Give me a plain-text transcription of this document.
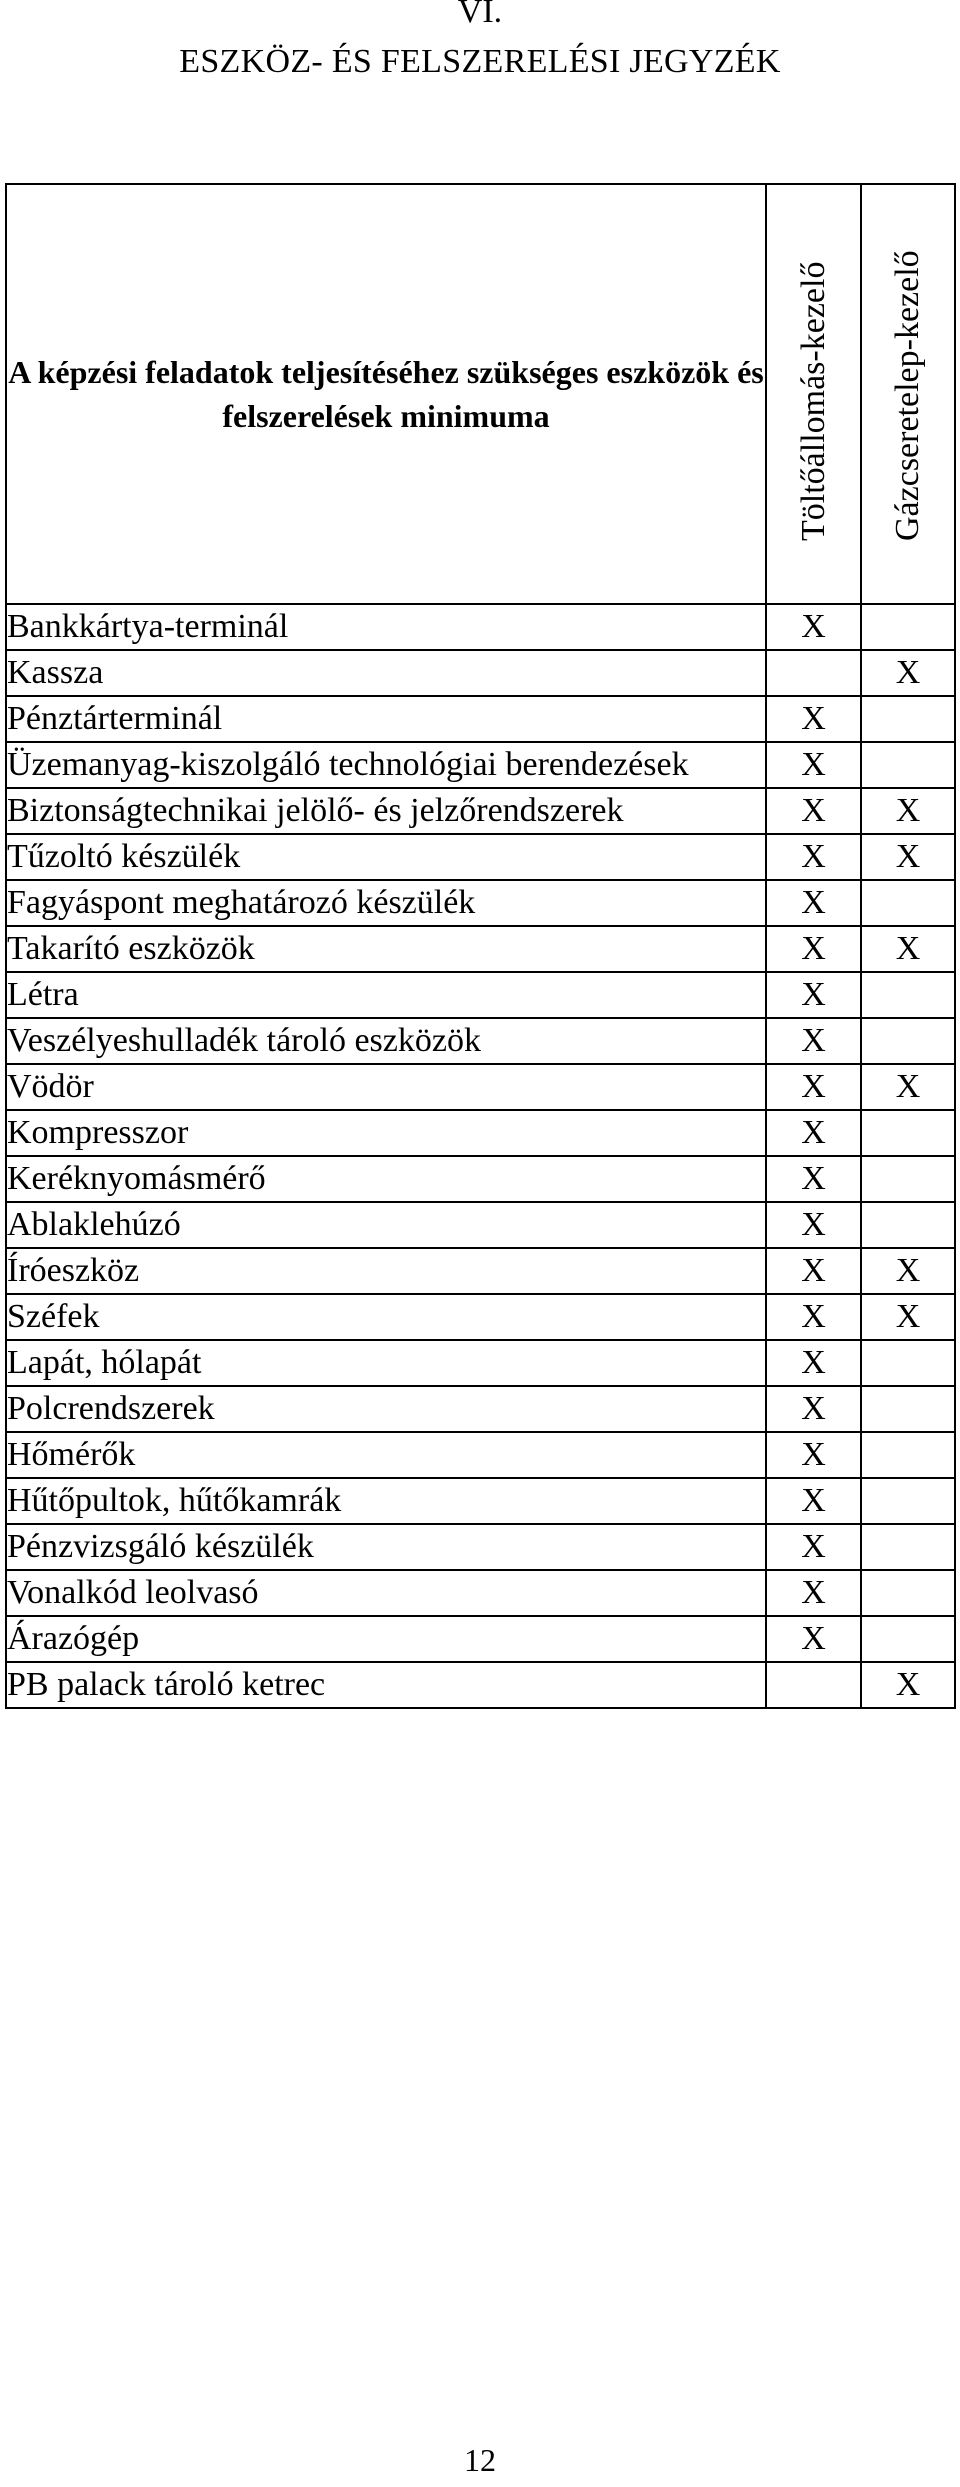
VI.
ESZKÖZ- ÉS FELSZERELÉSI JEGYZÉK
A képzési feladatok teljesítéséhez szükséges eszközök és felszerelések minimuma	Töltőállomás-kezelő	Gázcseretelep-kezelő

Bankkártya-terminál	X	
Kassza		X
Pénztárterminál	X	
Üzemanyag-kiszolgáló technológiai berendezések	X	
Biztonságtechnikai jelölő- és jelzőrendszerek	X	X
Tűzoltó készülék	X	X
Fagyáspont meghatározó készülék	X	
Takarító eszközök	X	X
Létra	X	
Veszélyeshulladék tároló eszközök	X	
Vödör	X	X
Kompresszor	X	
Keréknyomásmérő	X	
Ablaklehúzó	X	
Íróeszköz	X	X
Széfek	X	X
Lapát, hólapát	X	
Polcrendszerek	X	
Hőmérők	X	
Hűtőpultok, hűtőkamrák	X	
Pénzvizsgáló készülék	X	
Vonalkód leolvasó	X	
Árazógép	X	
PB palack tároló ketrec		X
12
